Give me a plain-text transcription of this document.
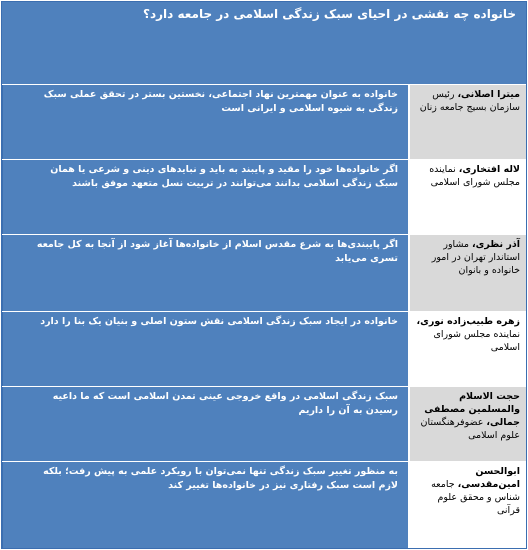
خانواده چه نقشی در احیای سبک زندگی اسلامی در جامعه دارد؟
میترا اصلانی، رئیس سازمان بسیج جامعه زنان
خانواده به عنوان مهمترین نهاد اجتماعی، نخستین بستر در تحقق عملی سبک زندگی به شیوه اسلامی و ایرانی است
لاله افتخاری، نماینده مجلس شورای اسلامی
اگر خانواده‌ها خود را مقید و پایبند به باید و نبایدهای دینی و شرعی یا همان سبک زندگی اسلامی بدانند می‌توانند در تربیت نسل متعهد موفق باشند
آذر نظری، مشاور استاندار تهران در امور خانواده و بانوان
اگر پایبندی‌ها به شرع مقدس اسلام از خانواده‌ها آغاز شود از آنجا به کل جامعه تسری می‌یابد
زهره طبیب‌زاده نوری، نماینده مجلس شورای اسلامی
خانواده در ایجاد سبک زندگی اسلامی نقش ستون اصلی و بنیان یک بنا را دارد
حجت الاسلام والمسلمین مصطفی جمالی، عضوفرهنگستان علوم اسلامی
سبک زندگی اسلامی در واقع خروجی عینی تمدن اسلامی است که ما داعیه رسیدن به آن را داریم
ابوالحسن امین‌مقدسی، جامعه شناس و محقق علوم قرآنی
به منظور تغییر سبک زندگی تنها نمی‌توان با رویکرد علمی به پیش رفت؛ بلکه لازم است سبک رفتاری نیز در خانواده‌ها تغییر کند
